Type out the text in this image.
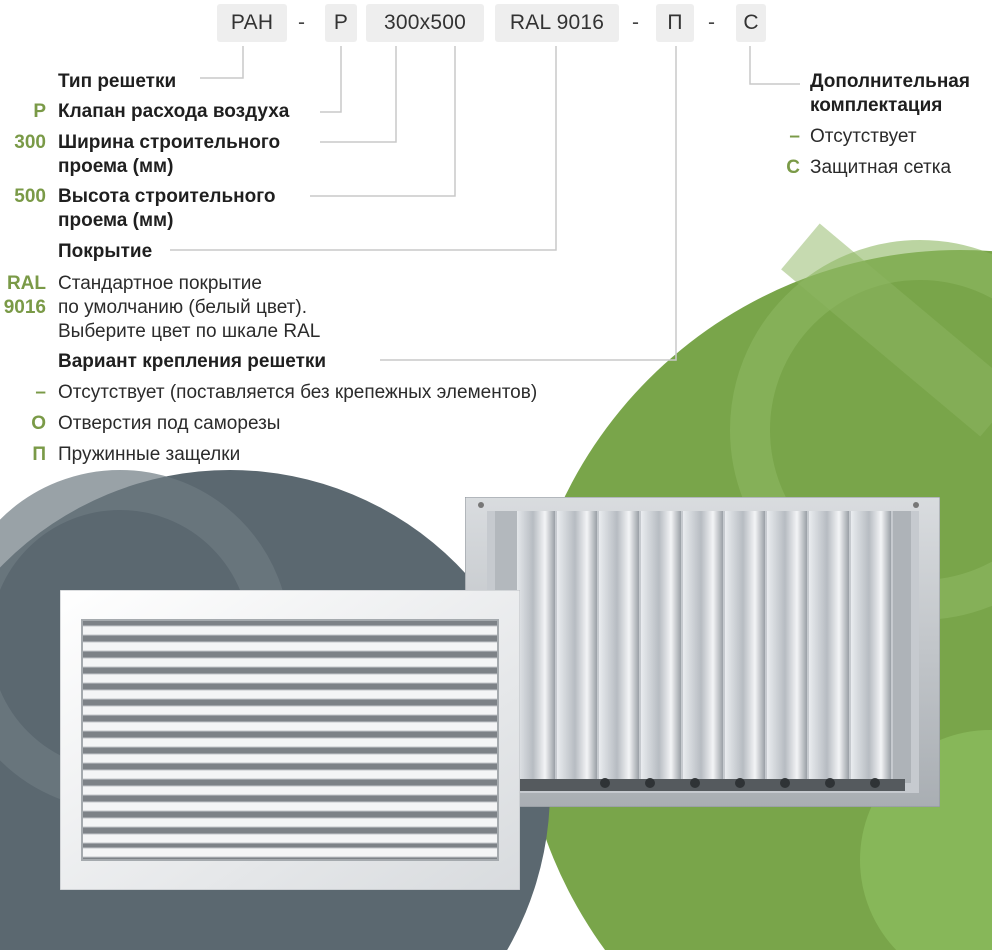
РАН	-	Р	300x500	RAL 9016	-	П	-	С
Тип решетки
Р Клапан расхода воздуха
300 Ширина строительного
проема (мм)
500 Высота строительного
проема (мм)
Покрытие
RAL
9016
Стандартное покрытие
по умолчанию (белый цвет).
Выберите цвет по шкале RAL
Вариант крепления решетки
– Отсутствует (поставляется без крепежных элементов)
О Отверстия под саморезы
П Пружинные защелки
Дополнительная
комплектация
– Отсутствует
С Защитная сетка
